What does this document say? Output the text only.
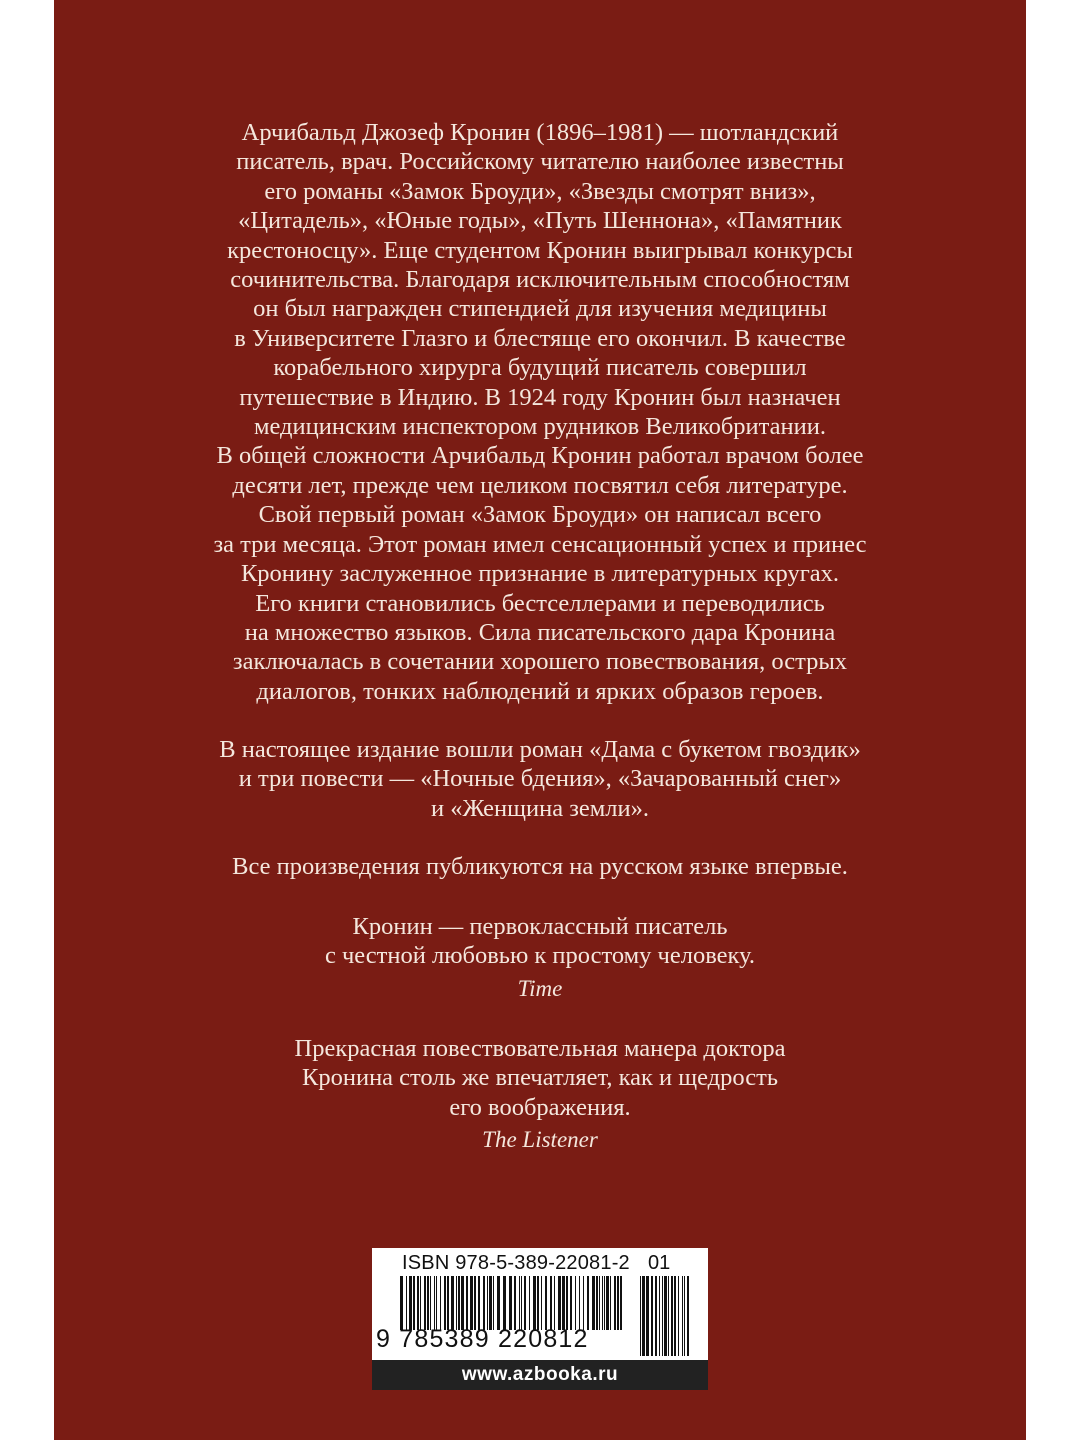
Арчибальд Джозеф Кронин (1896–1981) — шотландский
писатель, врач. Российскому читателю наиболее известны
его романы «Замок Броуди», «Звезды смотрят вниз»,
«Цитадель», «Юные годы», «Путь Шеннона», «Памятник
крестоносцу». Еще студентом Кронин выигрывал конкурсы
сочинительства. Благодаря исключительным способностям
он был награжден стипендией для изучения медицины
в Университете Глазго и блестяще его окончил. В качестве
корабельного хирурга будущий писатель совершил
путешествие в Индию. В 1924 году Кронин был назначен
медицинским инспектором рудников Великобритании.
В общей сложности Арчибальд Кронин работал врачом более
десяти лет, прежде чем целиком посвятил себя литературе.
Свой первый роман «Замок Броуди» он написал всего
за три месяца. Этот роман имел сенсационный успех и принес
Кронину заслуженное признание в литературных кругах.
Его книги становились бестселлерами и переводились
на множество языков. Сила писательского дара Кронина
заключалась в сочетании хорошего повествования, острых
диалогов, тонких наблюдений и ярких образов героев.
В настоящее издание вошли роман «Дама с букетом гвоздик»
и три повести — «Ночные бдения», «Зачарованный снег»
и «Женщина земли».
Все произведения публикуются на русском языке впервые.
Кронин — первоклассный писатель
с честной любовью к простому человеку.
Time
Прекрасная повествовательная манера доктора
Кронина столь же впечатляет, как и щедрость
его воображения.
The Listener
ISBN 978-5-389-22081-2 01
9 785389 220812
www.azbooka.ru
